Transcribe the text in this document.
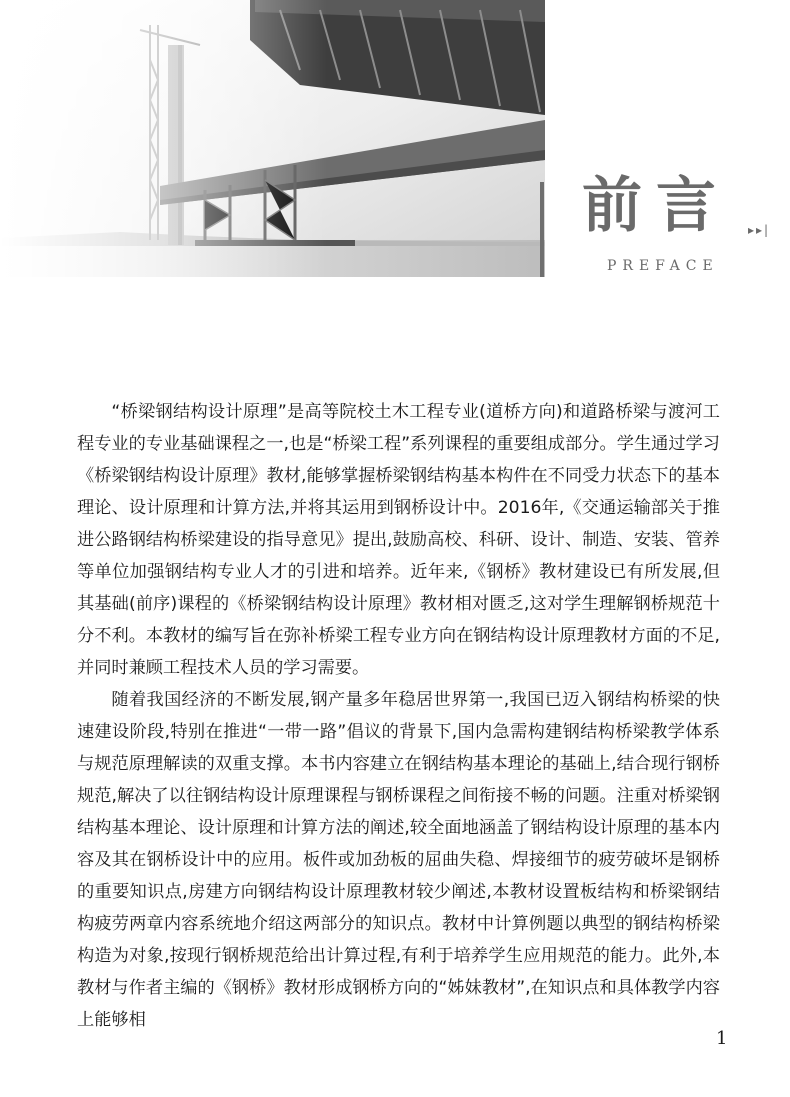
前言 ▸▸|
PREFACE

“桥梁钢结构设计原理”是高等院校土木工程专业(道桥方向)和道路桥梁与渡河工程专业的专业基础课程之一,也是“桥梁工程”系列课程的重要组成部分。学生通过学习《桥梁钢结构设计原理》教材,能够掌握桥梁钢结构基本构件在不同受力状态下的基本理论、设计原理和计算方法,并将其运用到钢桥设计中。2016年,《交通运输部关于推进公路钢结构桥梁建设的指导意见》提出,鼓励高校、科研、设计、制造、安装、管养等单位加强钢结构专业人才的引进和培养。近年来,《钢桥》教材建设已有所发展,但其基础(前序)课程的《桥梁钢结构设计原理》教材相对匮乏,这对学生理解钢桥规范十分不利。本教材的编写旨在弥补桥梁工程专业方向在钢结构设计原理教材方面的不足,并同时兼顾工程技术人员的学习需要。

随着我国经济的不断发展,钢产量多年稳居世界第一,我国已迈入钢结构桥梁的快速建设阶段,特别在推进“一带一路”倡议的背景下,国内急需构建钢结构桥梁教学体系与规范原理解读的双重支撑。本书内容建立在钢结构基本理论的基础上,结合现行钢桥规范,解决了以往钢结构设计原理课程与钢桥课程之间衔接不畅的问题。注重对桥梁钢结构基本理论、设计原理和计算方法的阐述,较全面地涵盖了钢结构设计原理的基本内容及其在钢桥设计中的应用。板件或加劲板的屈曲失稳、焊接细节的疲劳破坏是钢桥的重要知识点,房建方向钢结构设计原理教材较少阐述,本教材设置板结构和桥梁钢结构疲劳两章内容系统地介绍这两部分的知识点。教材中计算例题以典型的钢结构桥梁构造为对象,按现行钢桥规范给出计算过程,有利于培养学生应用规范的能力。此外,本教材与作者主编的《钢桥》教材形成钢桥方向的“姊妹教材”,在知识点和具体教学内容上能够相

1
